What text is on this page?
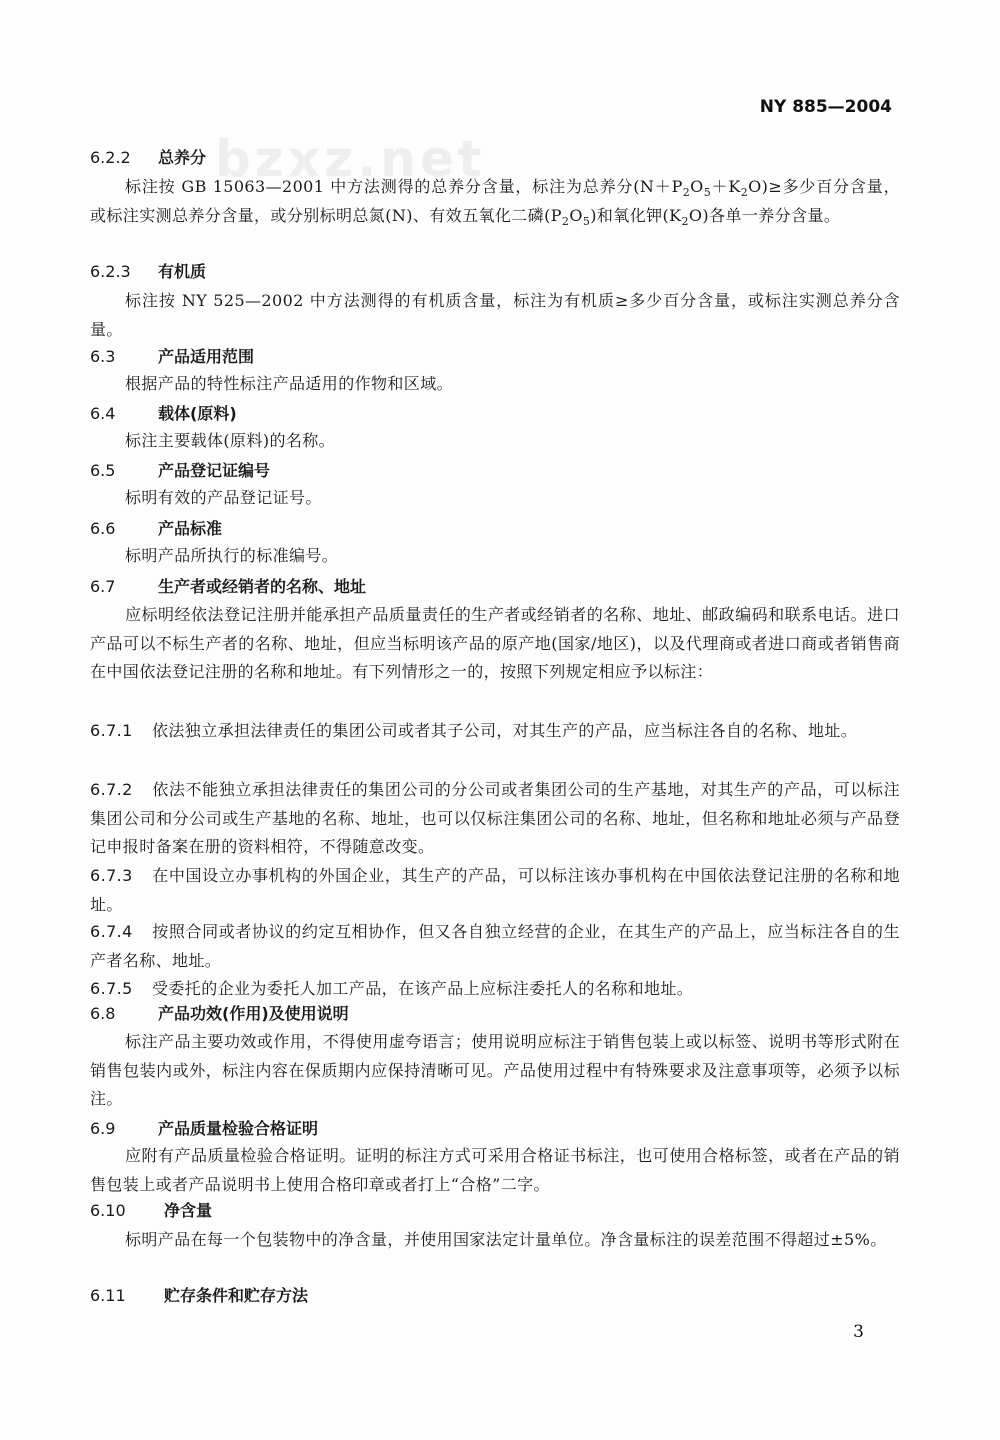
bzxz.net
NY 885—2004
6.2.2 总养分
标注按 GB 15063—2001 中方法测得的总养分含量，标注为总养分$(N+P_2O_5+K_2O)\ge$多少百分含量，或标注实测总养分含量，或分别标明总氮(N)、有效五氧化二磷$(P_2O_5)$和氧化钾$(K_2O)$各单一养分含量。
6.2.3 有机质
标注按 NY 525—2002 中方法测得的有机质含量，标注为有机质≥多少百分含量，或标注实测总养分含量。
6.3	产品适用范围
根据产品的特性标注产品适用的作物和区域。
6.4	载体(原料)
标注主要载体(原料)的名称。
6.5	产品登记证编号
标明有效的产品登记证号。
6.6	产品标准
标明产品所执行的标准编号。
6.7	生产者或经销者的名称、地址
应标明经依法登记注册并能承担产品质量责任的生产者或经销者的名称、地址、邮政编码和联系电话。进口产品可以不标生产者的名称、地址，但应当标明该产品的原产地(国家/地区)，以及代理商或者进口商或者销售商在中国依法登记注册的名称和地址。有下列情形之一的，按照下列规定相应予以标注：
6.7.1 依法独立承担法律责任的集团公司或者其子公司，对其生产的产品，应当标注各自的名称、地址。
6.7.2 依法不能独立承担法律责任的集团公司的分公司或者集团公司的生产基地，对其生产的产品，可以标注集团公司和分公司或生产基地的名称、地址，也可以仅标注集团公司的名称、地址，但名称和地址必须与产品登记申报时备案在册的资料相符，不得随意改变。
6.7.3 在中国设立办事机构的外国企业，其生产的产品，可以标注该办事机构在中国依法登记注册的名称和地址。
6.7.4 按照合同或者协议的约定互相协作，但又各自独立经营的企业，在其生产的产品上，应当标注各自的生产者名称、地址。
6.7.5 受委托的企业为委托人加工产品，在该产品上应标注委托人的名称和地址。
6.8	产品功效(作用)及使用说明
标注产品主要功效或作用，不得使用虚夸语言；使用说明应标注于销售包装上或以标签、说明书等形式附在销售包装内或外，标注内容在保质期内应保持清晰可见。产品使用过程中有特殊要求及注意事项等，必须予以标注。
6.9	产品质量检验合格证明
应附有产品质量检验合格证明。证明的标注方式可采用合格证书标注，也可使用合格标签，或者在产品的销售包装上或者产品说明书上使用合格印章或者打上“合格”二字。
6.10 净含量
标明产品在每一个包装物中的净含量，并使用国家法定计量单位。净含量标注的误差范围不得超过±5%。
6.11 贮存条件和贮存方法
3
